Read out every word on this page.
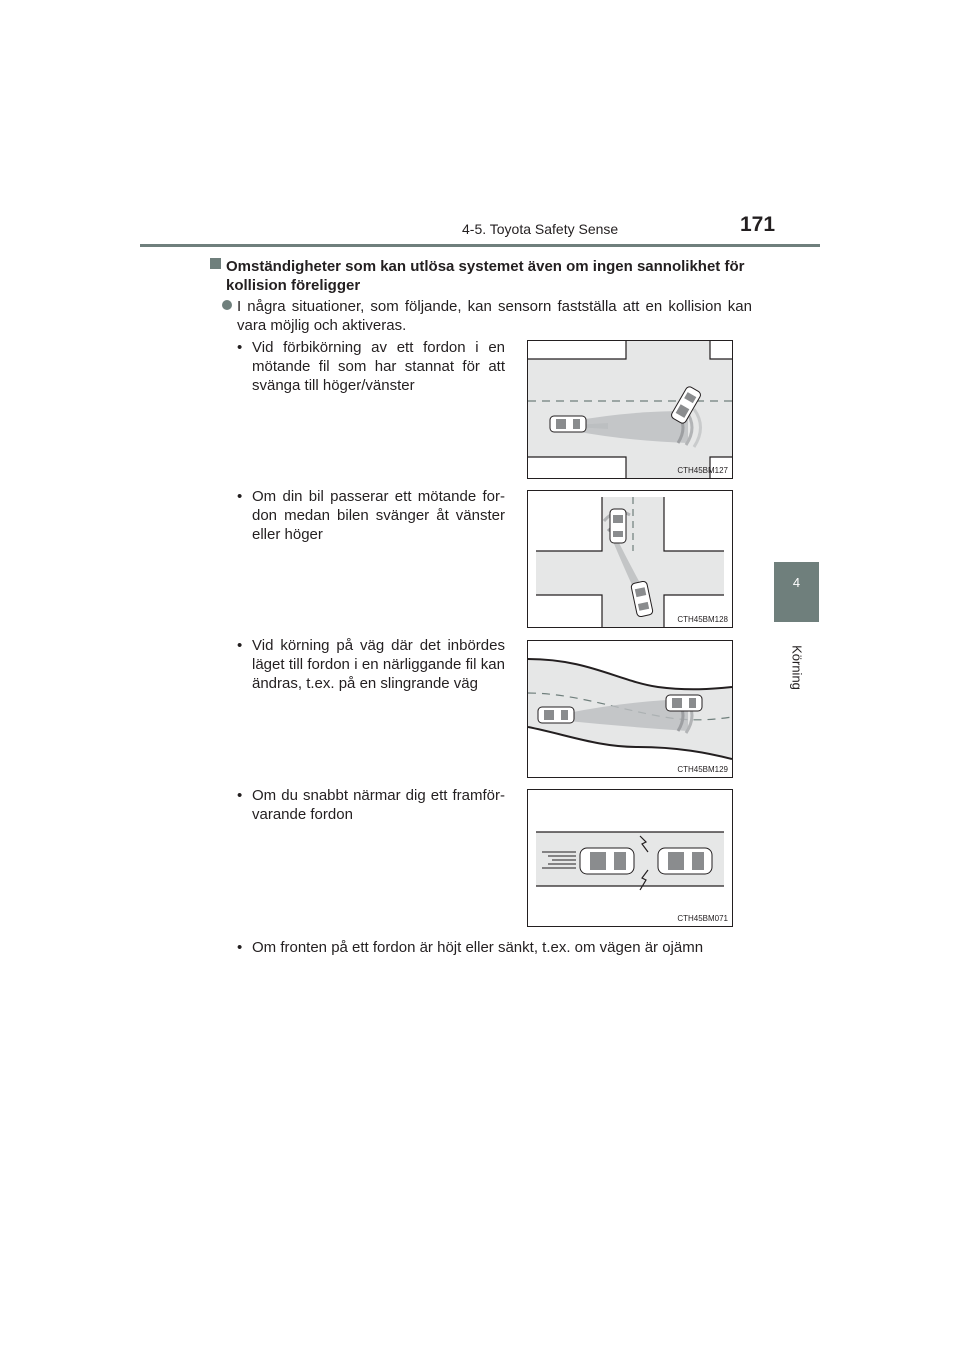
4-5. Toyota Safety Sense	171
4
Körning
Omständigheter som kan utlösa systemet även om ingen sannolikhet för kollision föreligger
I några situationer, som följande, kan sensorn fastställa att en kollision kan vara möjlig och aktiveras.
• Vid förbikörning av ett fordon i en mötande fil som har stannat för att svänga till höger/vänster
CTH45BM127
• Om din bil passerar ett mötande for-don medan bilen svänger åt vänster eller höger
CTH45BM128
• Vid körning på väg där det inbördes läget till fordon i en närliggande fil kan ändras, t.ex. på en slingrande väg
CTH45BM129
• Om du snabbt närmar dig ett framför-varande fordon
CTH45BM071
• Om fronten på ett fordon är höjt eller sänkt, t.ex. om vägen är ojämn
